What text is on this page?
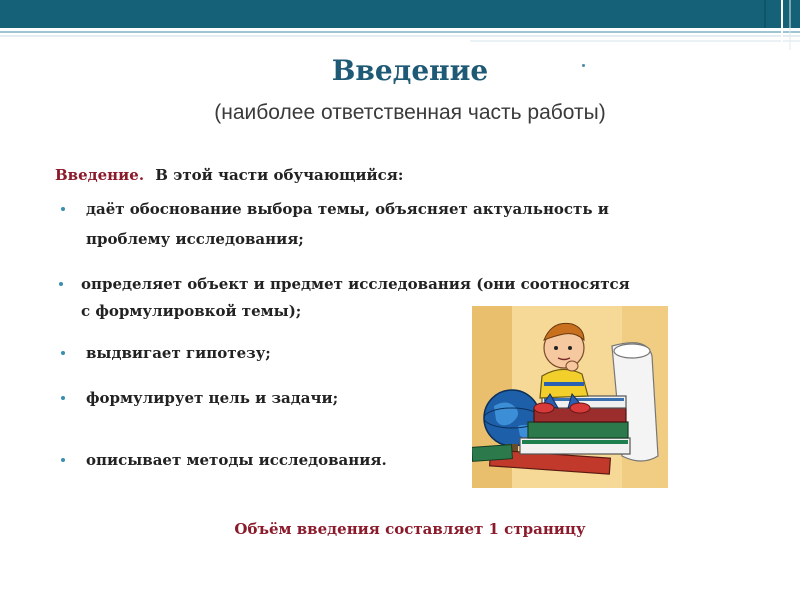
Введение
(наиболее ответственная часть работы)
Введение. В этой части обучающийся:
даёт обоснование выбора темы, объясняет актуальность и
проблему исследования;
определяет объект и предмет исследования (они соотносятся
с формулировкой темы);
выдвигает гипотезу;
формулирует цель и задачи;
описывает методы исследования.
Объём введения составляет 1 страницу
